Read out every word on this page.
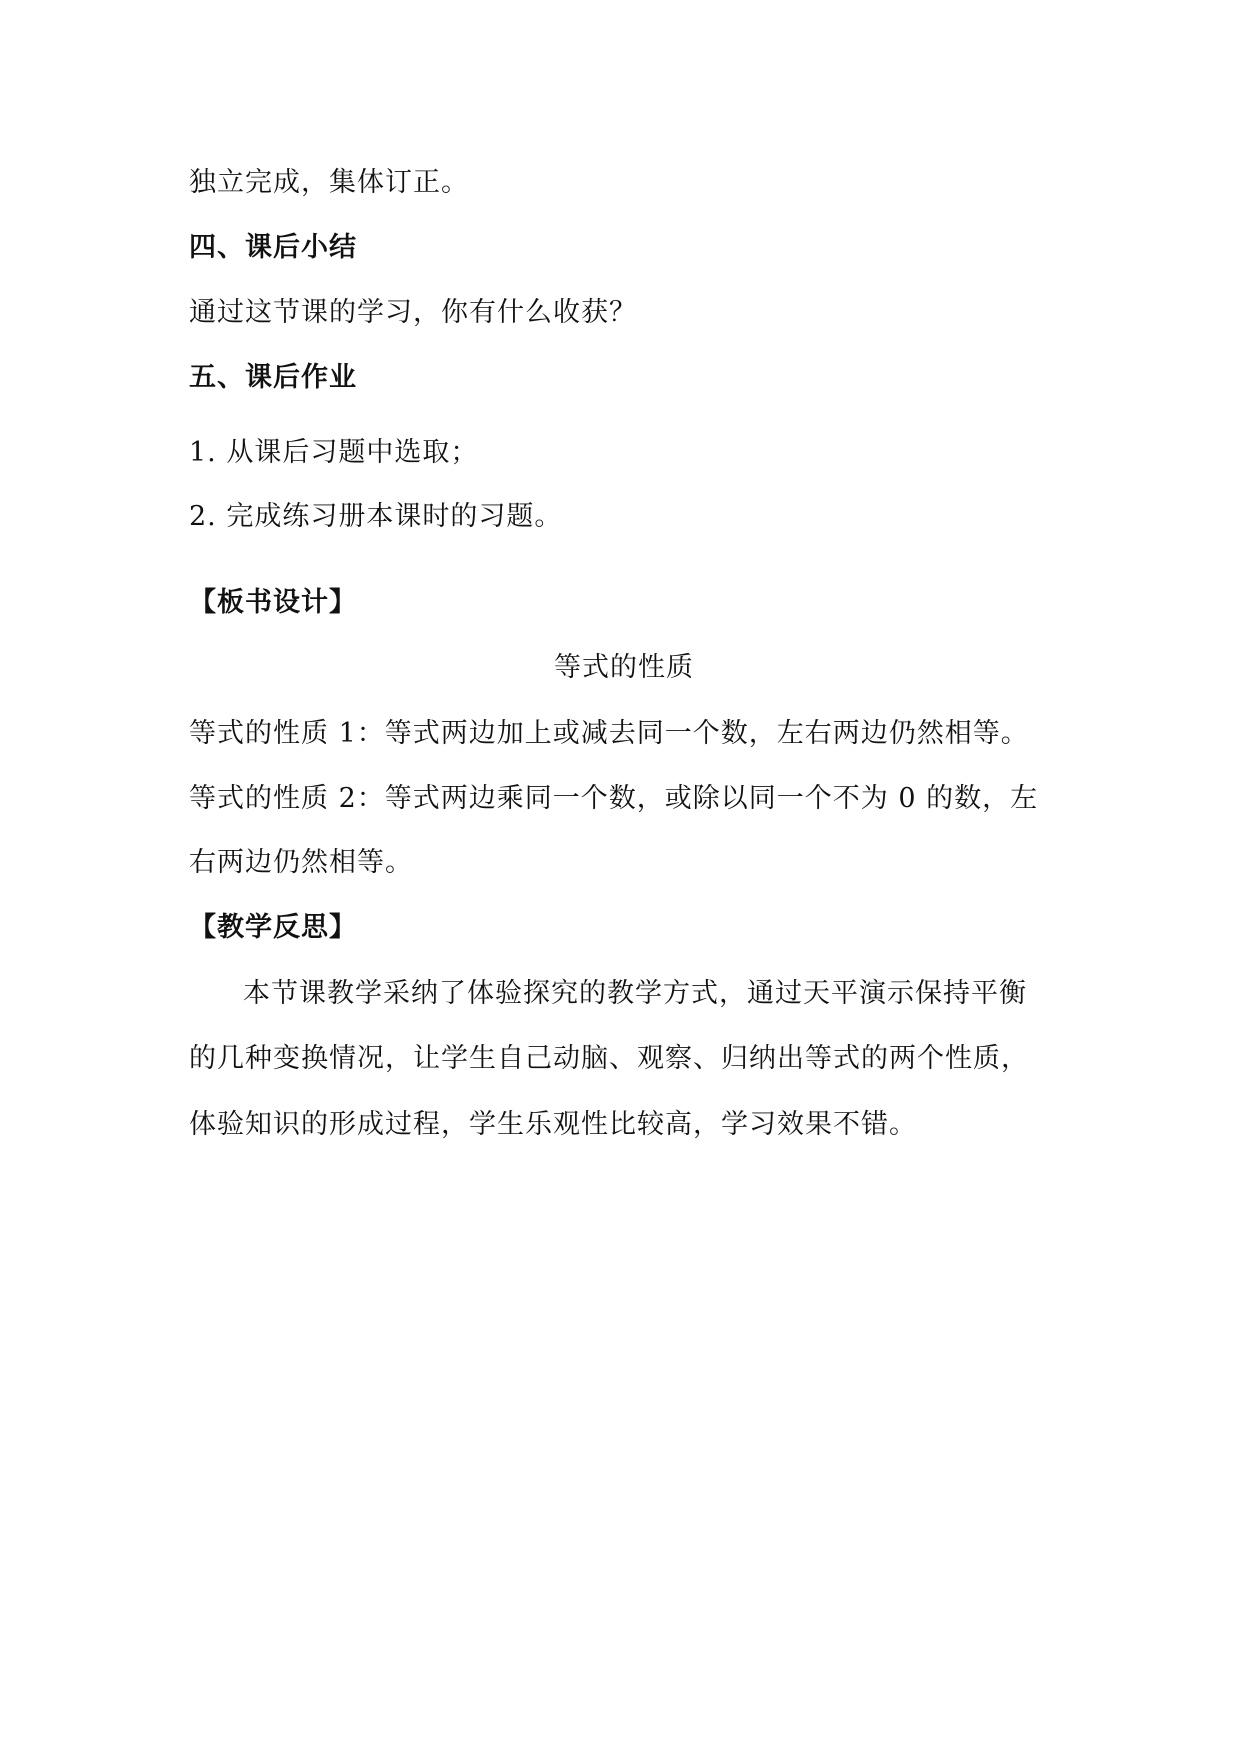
独立完成，集体订正。
四、课后小结
通过这节课的学习，你有什么收获？
五、课后作业
1. 从课后习题中选取；
2. 完成练习册本课时的习题。
【板书设计】
等式的性质
等式的性质 1：等式两边加上或减去同一个数，左右两边仍然相等。
等式的性质 2：等式两边乘同一个数，或除以同一个不为 0 的数，左
右两边仍然相等。
【教学反思】
本节课教学采纳了体验探究的教学方式，通过天平演示保持平衡
的几种变换情况，让学生自己动脑、观察、归纳出等式的两个性质，
体验知识的形成过程，学生乐观性比较高，学习效果不错。
